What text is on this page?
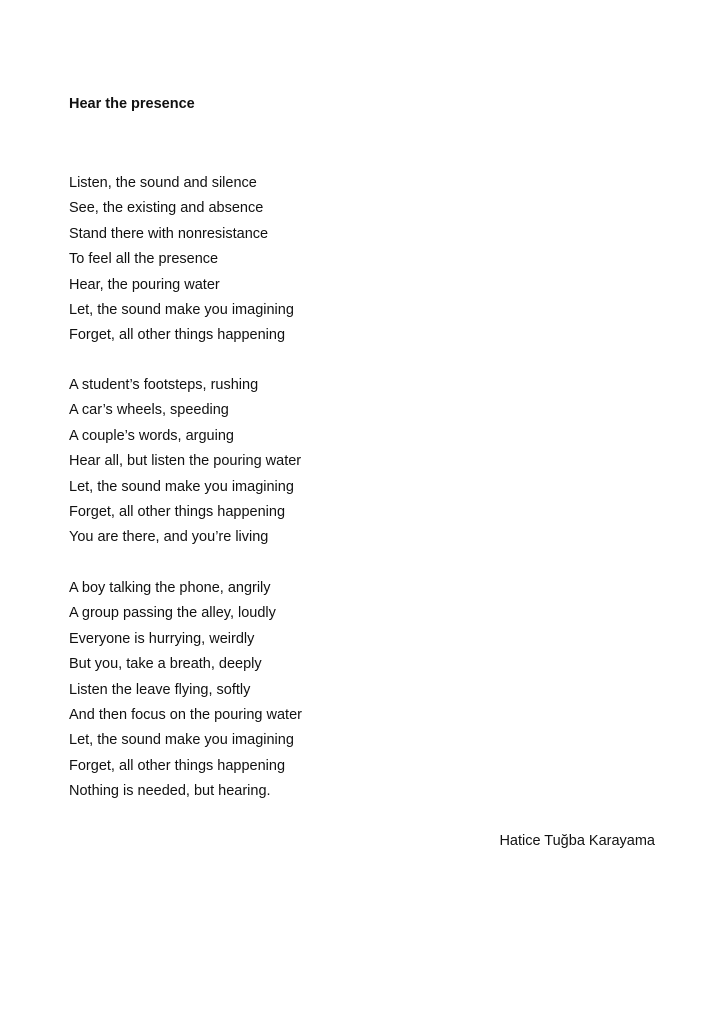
Hear the presence
Listen, the sound and silence
See, the existing and absence
Stand there with nonresistance
To feel all the presence
Hear, the pouring water
Let, the sound make you imagining
Forget, all other things happening
A student’s footsteps, rushing
A car’s wheels, speeding
A couple’s words, arguing
Hear all, but listen the pouring water
Let, the sound make you imagining
Forget, all other things happening
You are there, and you’re living
A boy talking the phone, angrily
A group passing the alley, loudly
Everyone is hurrying, weirdly
But you, take a breath, deeply
Listen the leave flying, softly
And then focus on the pouring water
Let, the sound make you imagining
Forget, all other things happening
Nothing is needed, but hearing.
Hatice Tuğba Karayama
